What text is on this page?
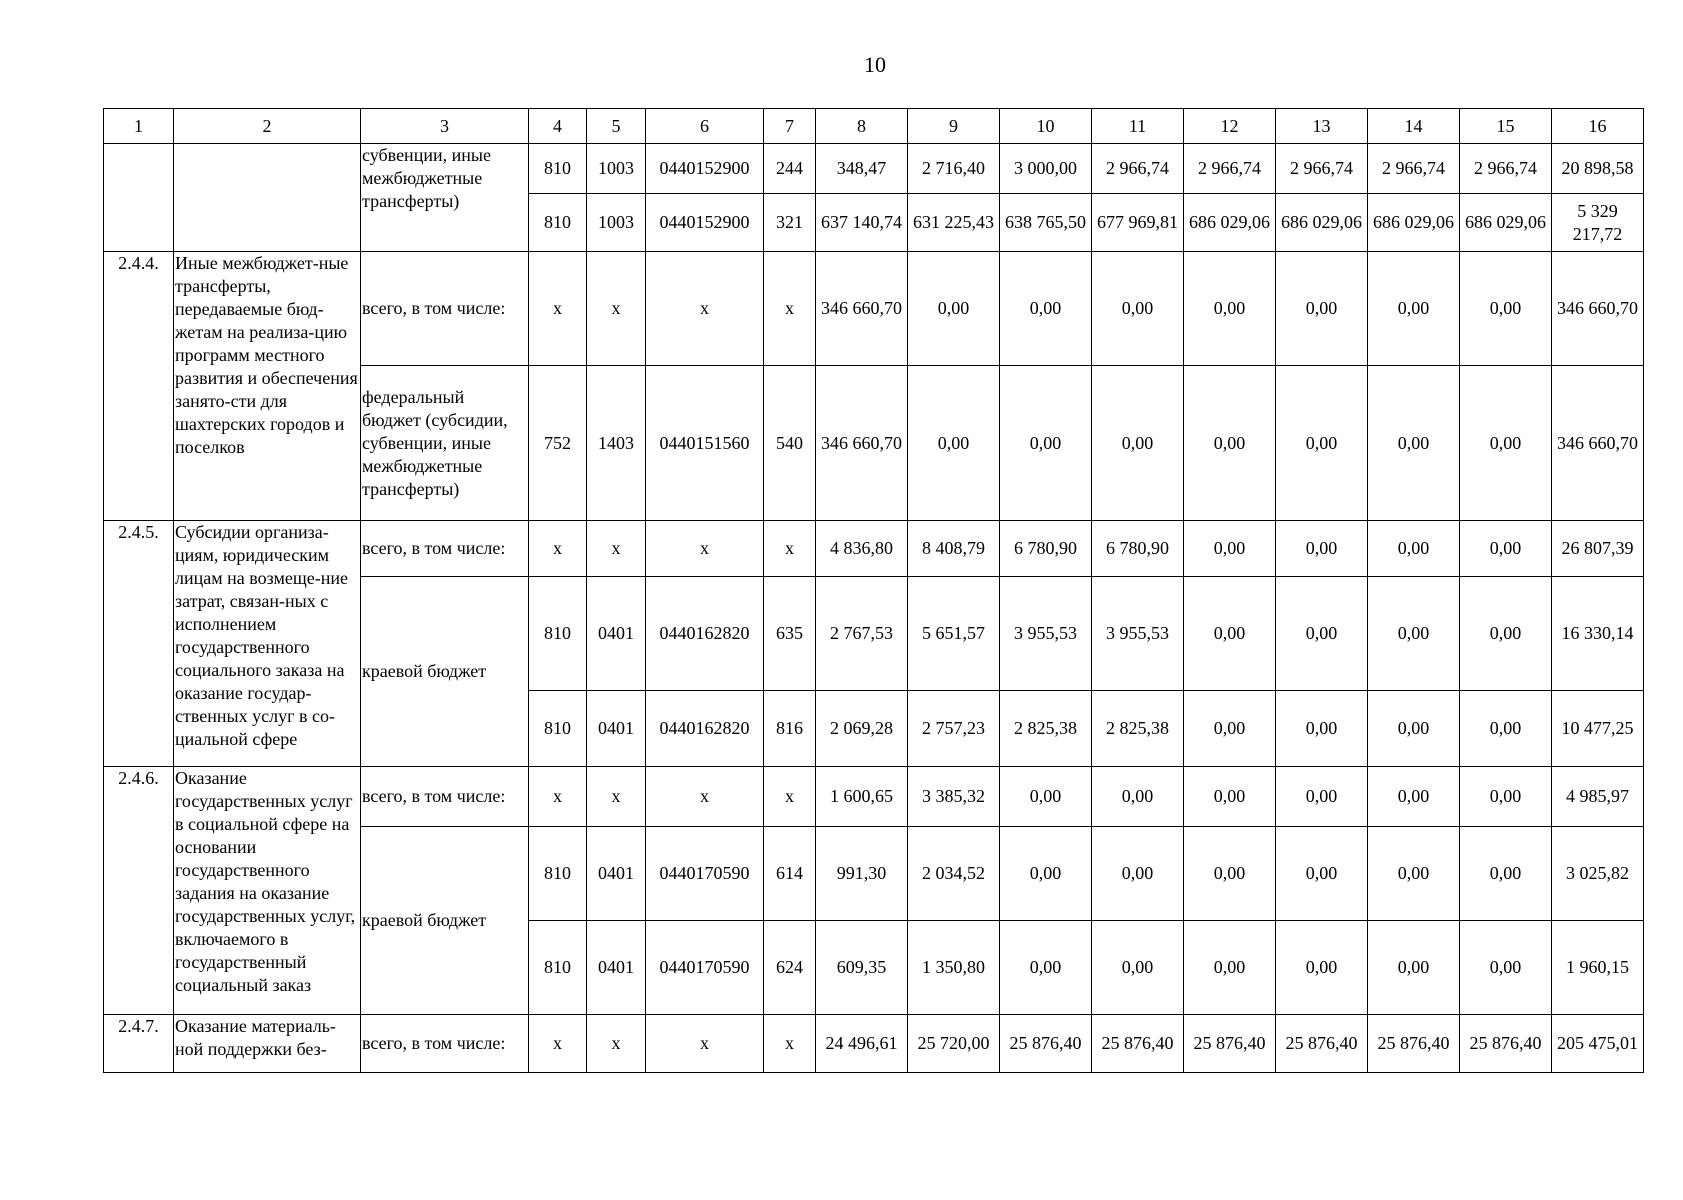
10
1	2	3	4	5	6	7	8	9	10	11	12	13	14	15	16
		субвенции, иные межбюджетные трансферты)	810	1003	0440152900	244	348,47	2 716,40	3 000,00	2 966,74	2 966,74	2 966,74	2 966,74	2 966,74	20 898,58
			810	1003	0440152900	321	637 140,74	631 225,43	638 765,50	677 969,81	686 029,06	686 029,06	686 029,06	686 029,06	5 329 217,72
2.4.4.	Иные межбюджет-ные трансферты, передаваемые бюд-жетам на реализа-цию программ местного развития и обеспечения занято-сти для шахтерских городов и поселков	всего, в том числе:	x	x	x	x	346 660,70	0,00	0,00	0,00	0,00	0,00	0,00	0,00	346 660,70
		федеральный бюджет (субсидии, субвенции, иные межбюджетные трансферты)	752	1403	0440151560	540	346 660,70	0,00	0,00	0,00	0,00	0,00	0,00	0,00	346 660,70
2.4.5.	Субсидии организа-циям, юридическим лицам на возмеще-ние затрат, связан-ных с исполнением государственного социального заказа на оказание государ-ственных услуг в со-циальной сфере	всего, в том числе:	x	x	x	x	4 836,80	8 408,79	6 780,90	6 780,90	0,00	0,00	0,00	0,00	26 807,39
		краевой бюджет	810	0401	0440162820	635	2 767,53	5 651,57	3 955,53	3 955,53	0,00	0,00	0,00	0,00	16 330,14
			810	0401	0440162820	816	2 069,28	2 757,23	2 825,38	2 825,38	0,00	0,00	0,00	0,00	10 477,25
2.4.6.	Оказание государственных услуг в социальной сфере на основании государственного задания на оказание государственных услуг, включаемого в государственный социальный заказ	всего, в том числе:	x	x	x	x	1 600,65	3 385,32	0,00	0,00	0,00	0,00	0,00	0,00	4 985,97
		краевой бюджет	810	0401	0440170590	614	991,30	2 034,52	0,00	0,00	0,00	0,00	0,00	0,00	3 025,82
			810	0401	0440170590	624	609,35	1 350,80	0,00	0,00	0,00	0,00	0,00	0,00	1 960,15
2.4.7.	Оказание материаль-ной поддержки без-	всего, в том числе:	x	x	x	x	24 496,61	25 720,00	25 876,40	25 876,40	25 876,40	25 876,40	25 876,40	25 876,40	205 475,01
